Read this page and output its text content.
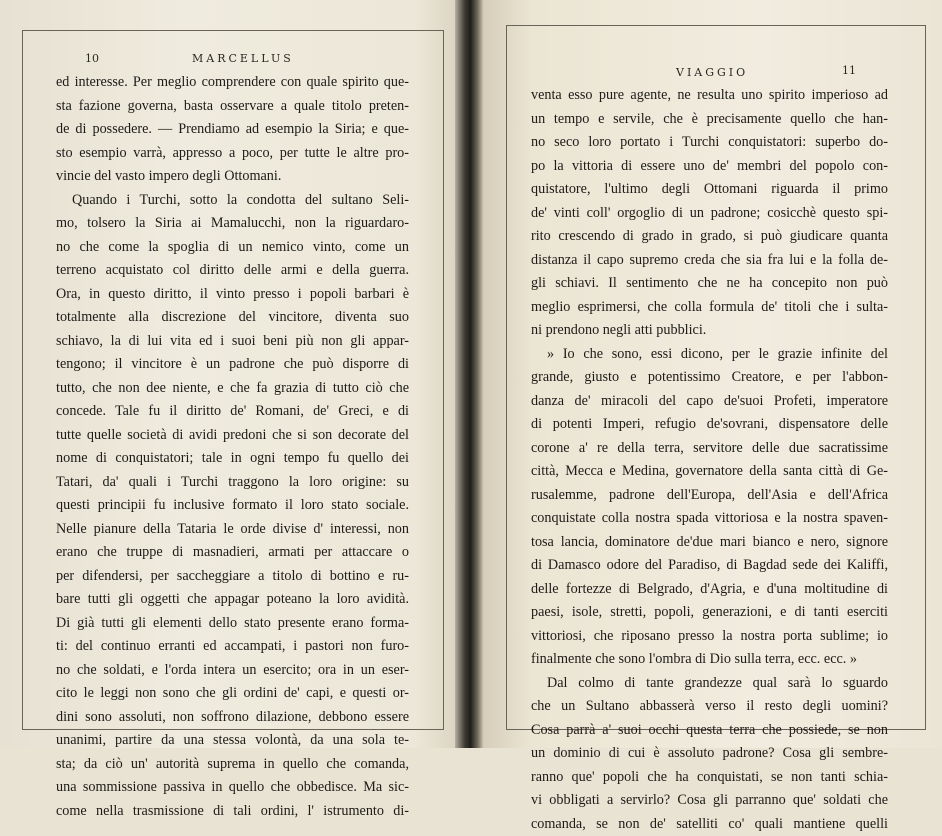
10	MARCELLUS
VIAGGIO	11
ed interesse. Per meglio comprendere con quale spirito que-
sta fazione governa, basta osservare a quale titolo preten-
de di possedere. — Prendiamo ad esempio la Siria; e que-
sto esempio varrà, appresso a poco, per tutte le altre pro-
vincie del vasto impero degli Ottomani.
Quando i Turchi, sotto la condotta del sultano Seli-
mo, tolsero la Siria ai Mamalucchi, non la riguardaro-
no che come la spoglia di un nemico vinto, come un
terreno acquistato col diritto delle armi e della guerra.
Ora, in questo diritto, il vinto presso i popoli barbari è
totalmente alla discrezione del vincitore, diventa suo
schiavo, la di lui vita ed i suoi beni più non gli appar-
tengono; il vincitore è un padrone che può disporre di
tutto, che non dee niente, e che fa grazia di tutto ciò che
concede. Tale fu il diritto de' Romani, de' Greci, e di
tutte quelle società di avidi predoni che si son decorate del
nome di conquistatori; tale in ogni tempo fu quello dei
Tatari, da' quali i Turchi traggono la loro origine: su
questi principii fu inclusive formato il loro stato sociale.
Nelle pianure della Tataria le orde divise d' interessi, non
erano che truppe di masnadieri, armati per attaccare o
per difendersi, per saccheggiare a titolo di bottino e ru-
bare tutti gli oggetti che appagar poteano la loro avidità.
Di già tutti gli elementi dello stato presente erano forma-
ti: del continuo erranti ed accampati, i pastori non furo-
no che soldati, e l'orda intera un esercito; ora in un eser-
cito le leggi non sono che gli ordini de' capi, e questi or-
dini sono assoluti, non soffrono dilazione, debbono essere
unanimi, partire da una stessa volontà, da una sola te-
sta; da ciò un' autorità suprema in quello che comanda,
una sommissione passiva in quello che obbedisce. Ma sic-
come nella trasmissione di tali ordini, l' istrumento di-
venta esso pure agente, ne resulta uno spirito imperioso ad
un tempo e servile, che è precisamente quello che han-
no seco loro portato i Turchi conquistatori: superbo do-
po la vittoria di essere uno de' membri del popolo con-
quistatore, l'ultimo degli Ottomani riguarda il primo
de' vinti coll' orgoglio di un padrone; cosicchè questo spi-
rito crescendo di grado in grado, si può giudicare quanta
distanza il capo supremo creda che sia fra lui e la folla de-
gli schiavi. Il sentimento che ne ha concepito non può
meglio esprimersi, che colla formula de' titoli che i sulta-
ni prendono negli atti pubblici.
» Io che sono, essi dicono, per le grazie infinite del
grande, giusto e potentissimo Creatore, e per l'abbon-
danza de' miracoli del capo de'suoi Profeti, imperatore
di potenti Imperi, refugio de'sovrani, dispensatore delle
corone a' re della terra, servitore delle due sacratissime
città, Mecca e Medina, governatore della santa città di Ge-
rusalemme, padrone dell'Europa, dell'Asia e dell'Africa
conquistate colla nostra spada vittoriosa e la nostra spaven-
tosa lancia, dominatore de'due mari bianco e nero, signore
di Damasco odore del Paradiso, di Bagdad sede dei Kaliffi,
delle fortezze di Belgrado, d'Agria, e d'una moltitudine di
paesi, isole, stretti, popoli, generazioni, e di tanti eserciti
vittoriosi, che riposano presso la nostra porta sublime; io
finalmente che sono l'ombra di Dio sulla terra, ecc. ecc. »
Dal colmo di tante grandezze qual sarà lo sguardo
che un Sultano abbasserà verso il resto degli uomini?
Cosa parrà a' suoi occhi questa terra che possiede, se non
un dominio di cui è assoluto padrone? Cosa gli sembre-
ranno que' popoli che ha conquistati, se non tanti schia-
vi obbligati a servirlo? Cosa gli parranno que' soldati che
comanda, se non de' satelliti co' quali mantiene quelli
